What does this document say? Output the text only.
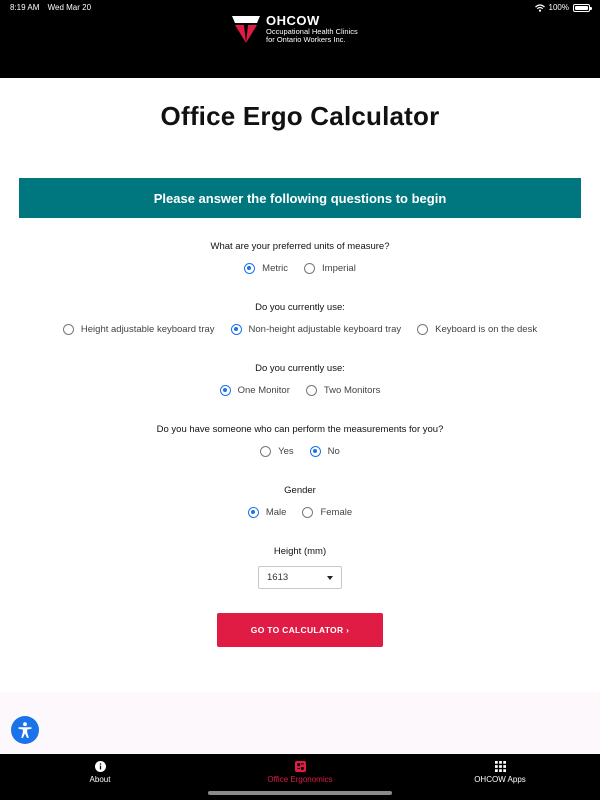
8:19 AM Wed Mar 20	100%
OHCOW
Occupational Health Clinics
for Ontario Workers Inc.
Office Ergo Calculator
Please answer the following questions to begin
What are your preferred units of measure?
Metric	Imperial
Do you currently use:
Height adjustable keyboard tray	Non-height adjustable keyboard tray	Keyboard is on the desk
Do you currently use:
One Monitor	Two Monitors
Do you have someone who can perform the measurements for you?
Yes	No
Gender
Male	Female
Height (mm)
1613
GO TO CALCULATOR ›
About	Office Ergonomics	OHCOW Apps
